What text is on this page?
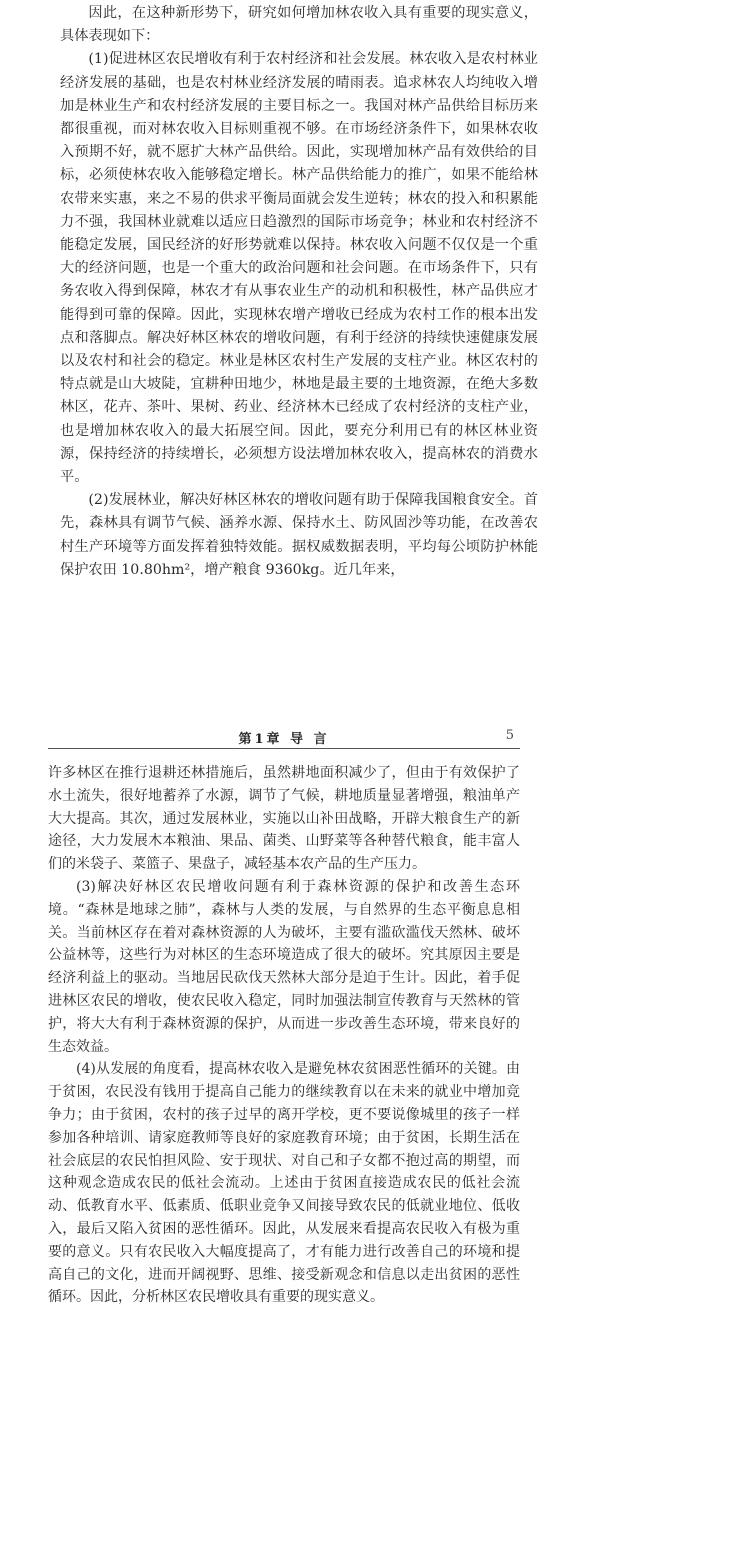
因此，在这种新形势下，研究如何增加林农收入具有重要的现实意义，具体表现如下：

(1)促进林区农民增收有利于农村经济和社会发展。林农收入是农村林业经济发展的基础，也是农村林业经济发展的晴雨表。追求林农人均纯收入增加是林业生产和农村经济发展的主要目标之一。我国对林产品供给目标历来都很重视，而对林农收入目标则重视不够。在市场经济条件下，如果林农收入预期不好，就不愿扩大林产品供给。因此，实现增加林产品有效供给的目标，必须使林农收入能够稳定增长。林产品供给能力的推广，如果不能给林农带来实惠，来之不易的供求平衡局面就会发生逆转；林农的投入和积累能力不强，我国林业就难以适应日趋激烈的国际市场竞争；林业和农村经济不能稳定发展，国民经济的好形势就难以保持。林农收入问题不仅仅是一个重大的经济问题，也是一个重大的政治问题和社会问题。在市场条件下，只有务农收入得到保障，林农才有从事农业生产的动机和积极性，林产品供应才能得到可靠的保障。因此，实现林农增产增收已经成为农村工作的根本出发点和落脚点。解决好林区林农的增收问题，有利于经济的持续快速健康发展以及农村和社会的稳定。林业是林区农村生产发展的支柱产业。林区农村的特点就是山大坡陡，宜耕种田地少，林地是最主要的土地资源，在绝大多数林区，花卉、茶叶、果树、药业、经济林木已经成了农村经济的支柱产业，也是增加林农收入的最大拓展空间。因此，要充分利用已有的林区林业资源，保持经济的持续增长，必须想方设法增加林农收入，提高林农的消费水平。

(2)发展林业，解决好林区林农的增收问题有助于保障我国粮食安全。首先，森林具有调节气候、涵养水源、保持水土、防风固沙等功能，在改善农村生产环境等方面发挥着独特效能。据权威数据表明，平均每公顷防护林能保护农田 10.80hm²，增产粮食 9360kg。近几年来，

第1章 导 言	5

许多林区在推行退耕还林措施后，虽然耕地面积减少了，但由于有效保护了水土流失，很好地蓄养了水源，调节了气候，耕地质量显著增强，粮油单产大大提高。其次，通过发展林业，实施以山补田战略，开辟大粮食生产的新途径，大力发展木本粮油、果品、菌类、山野菜等各种替代粮食，能丰富人们的米袋子、菜篮子、果盘子，减轻基本农产品的生产压力。

(3)解决好林区农民增收问题有利于森林资源的保护和改善生态环境。“森林是地球之肺”，森林与人类的发展，与自然界的生态平衡息息相关。当前林区存在着对森林资源的人为破坏，主要有滥砍滥伐天然林、破坏公益林等，这些行为对林区的生态环境造成了很大的破坏。究其原因主要是经济利益上的驱动。当地居民砍伐天然林大部分是迫于生计。因此，着手促进林区农民的增收，使农民收入稳定，同时加强法制宣传教育与天然林的管护，将大大有利于森林资源的保护，从而进一步改善生态环境，带来良好的生态效益。

(4)从发展的角度看，提高林农收入是避免林农贫困恶性循环的关键。由于贫困，农民没有钱用于提高自己能力的继续教育以在未来的就业中增加竞争力；由于贫困，农村的孩子过早的离开学校，更不要说像城里的孩子一样参加各种培训、请家庭教师等良好的家庭教育环境；由于贫困，长期生活在社会底层的农民怕担风险、安于现状、对自己和子女都不抱过高的期望，而这种观念造成农民的低社会流动。上述由于贫困直接造成农民的低社会流动、低教育水平、低素质、低职业竞争又间接导致农民的低就业地位、低收入，最后又陷入贫困的恶性循环。因此，从发展来看提高农民收入有极为重要的意义。只有农民收入大幅度提高了，才有能力进行改善自己的环境和提高自己的文化，进而开阔视野、思维、接受新观念和信息以走出贫困的恶性循环。因此，分析林区农民增收具有重要的现实意义。
